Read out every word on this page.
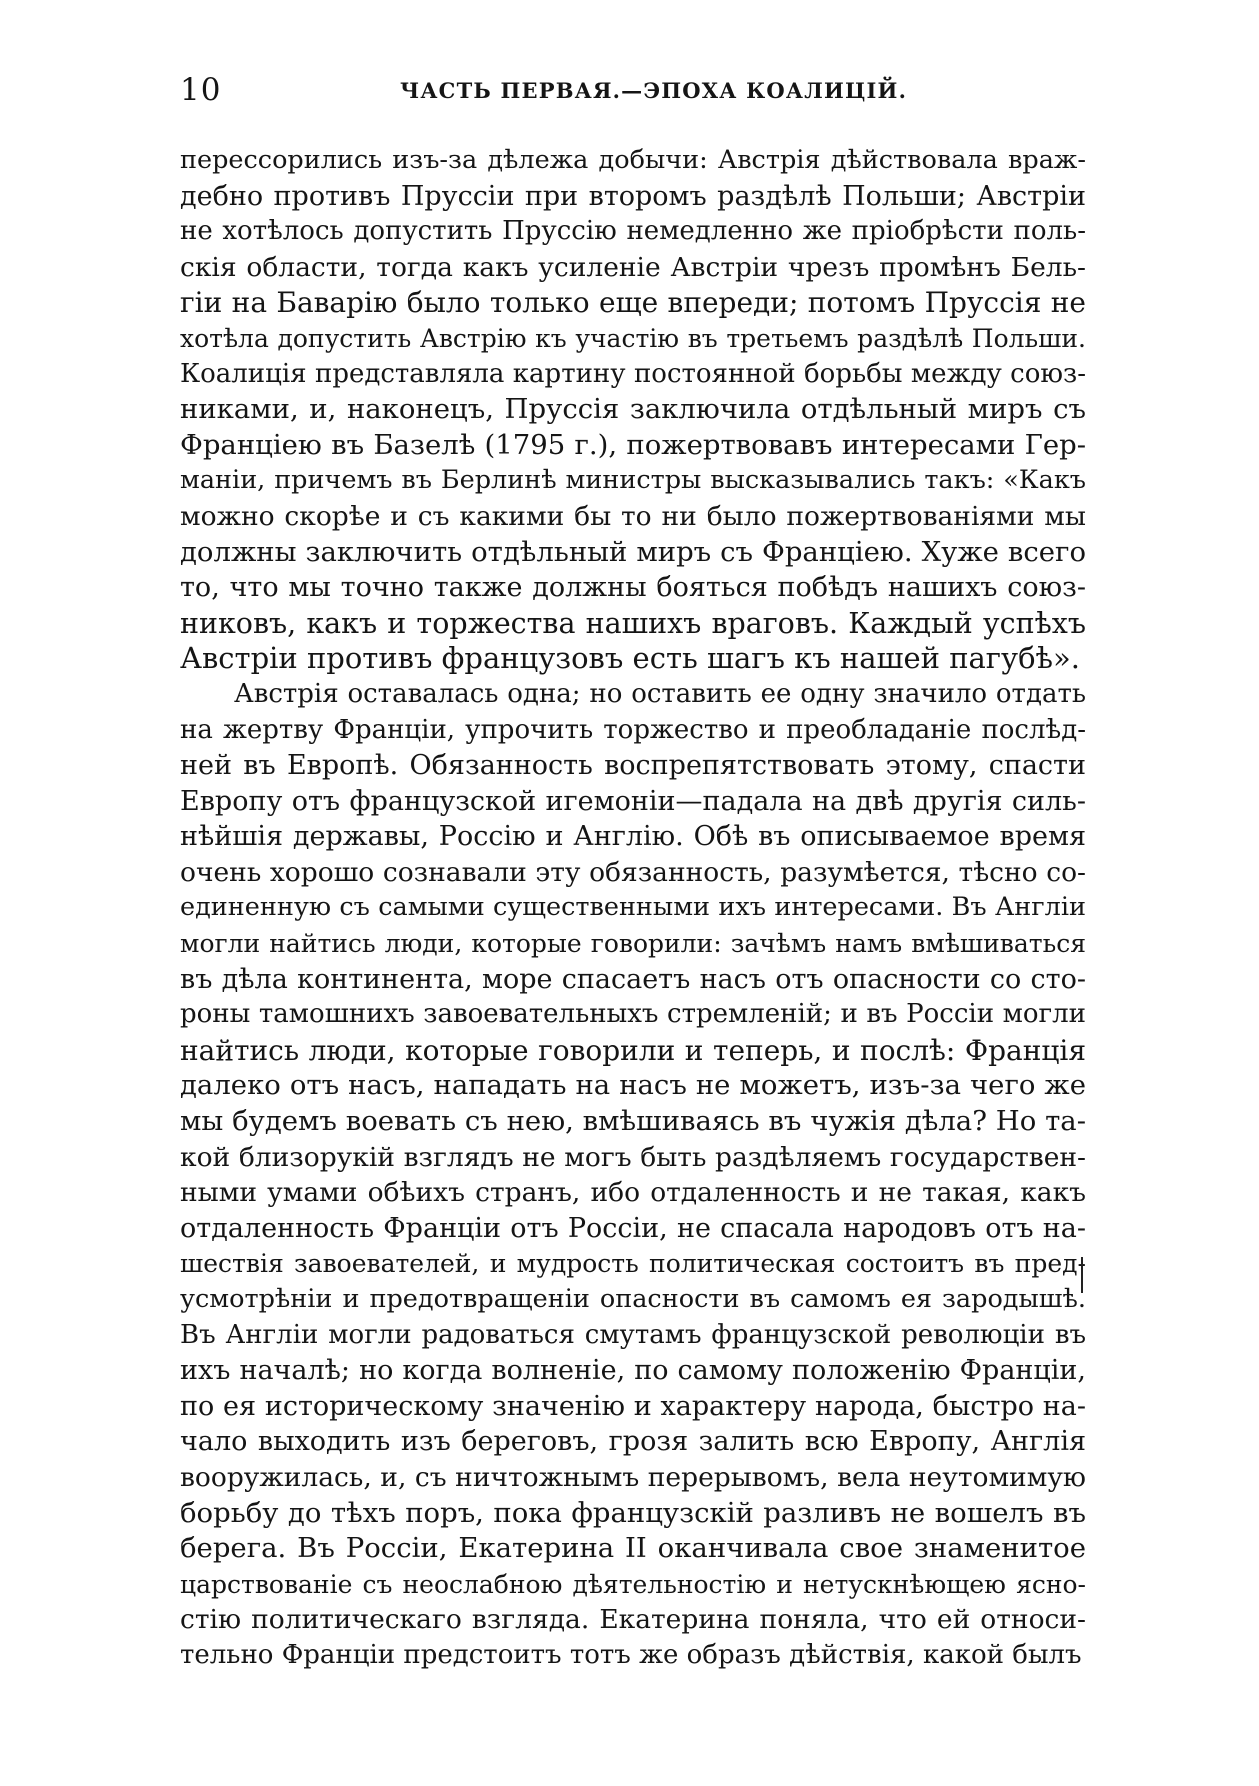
10	ЧАСТЬ ПЕРВАЯ.—ЭПОХА КОАЛИЦІЙ.
перессорились изъ-за дѣлежа добычи: Австрія дѣйствовала враж-
дебно противъ Пруссіи при второмъ раздѣлѣ Польши; Австріи
не хотѣлось допустить Пруссію немедленно же пріобрѣсти поль-
скія области, тогда какъ усиленіе Австріи чрезъ промѣнъ Бель-
гіи на Баварію было только еще впереди; потомъ Пруссія не
хотѣла допустить Австрію къ участію въ третьемъ раздѣлѣ Польши.
Коалиція представляла картину постоянной борьбы между союз-
никами, и, наконецъ, Пруссія заключила отдѣльный миръ съ
Франціею въ Базелѣ (1795 г.), пожертвовавъ интересами Гер-
маніи, причемъ въ Берлинѣ министры высказывались такъ: «Какъ
можно скорѣе и съ какими бы то ни было пожертвованіями мы
должны заключить отдѣльный миръ съ Франціею. Хуже всего
то, что мы точно также должны бояться побѣдъ нашихъ союз-
никовъ, какъ и торжества нашихъ враговъ. Каждый успѣхъ
Австріи противъ французовъ есть шагъ къ нашей пагубѣ».
Австрія оставалась одна; но оставить ее одну значило отдать
на жертву Франціи, упрочить торжество и преобладаніе послѣд-
ней въ Европѣ. Обязанность воспрепятствовать этому, спасти
Европу отъ французской игемоніи—падала на двѣ другія силь-
нѣйшія державы, Россію и Англію. Обѣ въ описываемое время
очень хорошо сознавали эту обязанность, разумѣется, тѣсно со-
единенную съ самыми существенными ихъ интересами. Въ Англіи
могли найтись люди, которые говорили: зачѣмъ намъ вмѣшиваться
въ дѣла континента, море спасаетъ насъ отъ опасности со сто-
роны тамошнихъ завоевательныхъ стремленій; и въ Россіи могли
найтись люди, которые говорили и теперь, и послѣ: Франція
далеко отъ насъ, нападать на насъ не можетъ, изъ-за чего же
мы будемъ воевать съ нею, вмѣшиваясь въ чужія дѣла? Но та-
кой близорукій взглядъ не могъ быть раздѣляемъ государствен-
ными умами обѣихъ странъ, ибо отдаленность и не такая, какъ
отдаленность Франціи отъ Россіи, не спасала народовъ отъ на-
шествія завоевателей, и мудрость политическая состоитъ въ пред-
усмотрѣніи и предотвращеніи опасности въ самомъ ея зародышѣ.
Въ Англіи могли радоваться смутамъ французской революціи въ
ихъ началѣ; но когда волненіе, по самому положенію Франціи,
по ея историческому значенію и характеру народа, быстро на-
чало выходить изъ береговъ, грозя залить всю Европу, Англія
вооружилась, и, съ ничтожнымъ перерывомъ, вела неутомимую
борьбу до тѣхъ поръ, пока французскій разливъ не вошелъ въ
берега. Въ Россіи, Екатерина II оканчивала свое знаменитое
царствованіе съ неослабною дѣятельностію и нетускнѣющею ясно-
стію политическаго взгляда. Екатерина поняла, что ей относи-
тельно Франціи предстоитъ тотъ же образъ дѣйствія, какой былъ
